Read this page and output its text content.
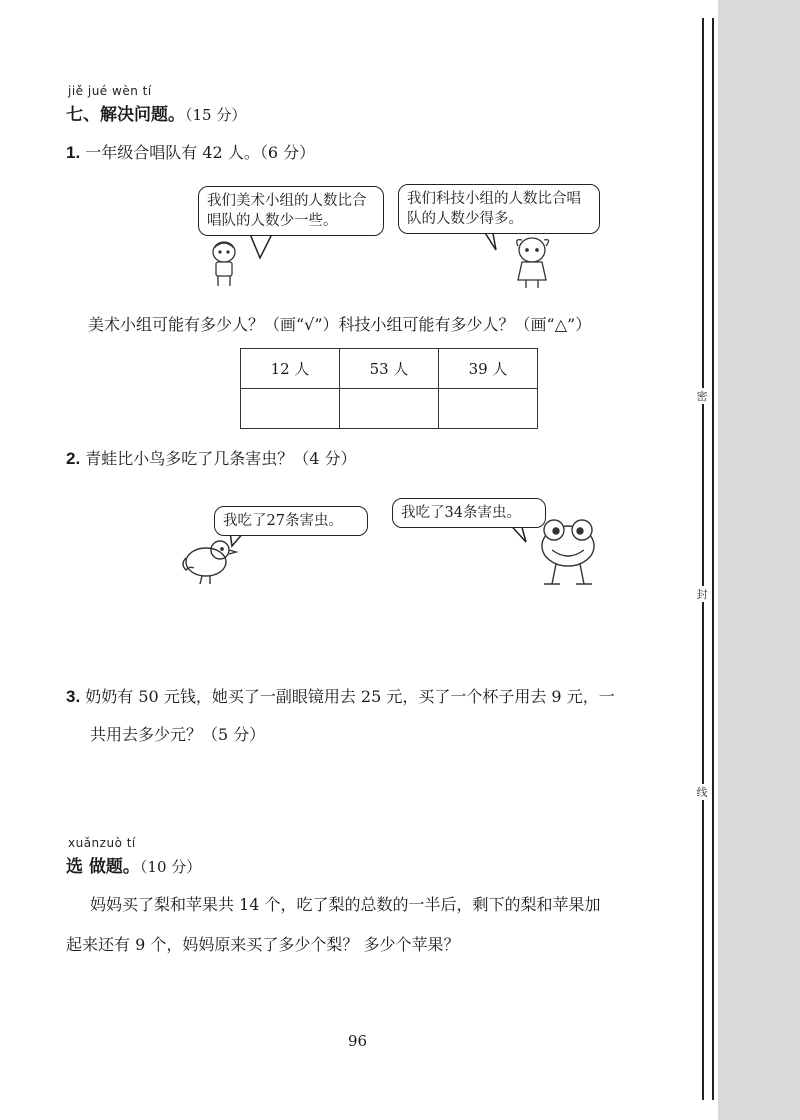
密
封
线
jiě jué wèn tí
七、解决问题。（15 分）
1. 一年级合唱队有 42 人。（6 分）
我们美术小组的人数比合唱队的人数少一些。
我们科技小组的人数比合唱队的人数少得多。
美术小组可能有多少人？（画“√”）科技小组可能有多少人？（画“△”）
12 人	53 人	39 人

2. 青蛙比小鸟多吃了几条害虫？（4 分）
我吃了27条害虫。	我吃了34条害虫。
3. 奶奶有 50 元钱，她买了一副眼镜用去 25 元，买了一个杯子用去 9 元，一
共用去多少元？（5 分）
xuǎnzuò tí
选 做题。（10 分）
妈妈买了梨和苹果共 14 个，吃了梨的总数的一半后，剩下的梨和苹果加
起来还有 9 个，妈妈原来买了多少个梨？ 多少个苹果？
96
